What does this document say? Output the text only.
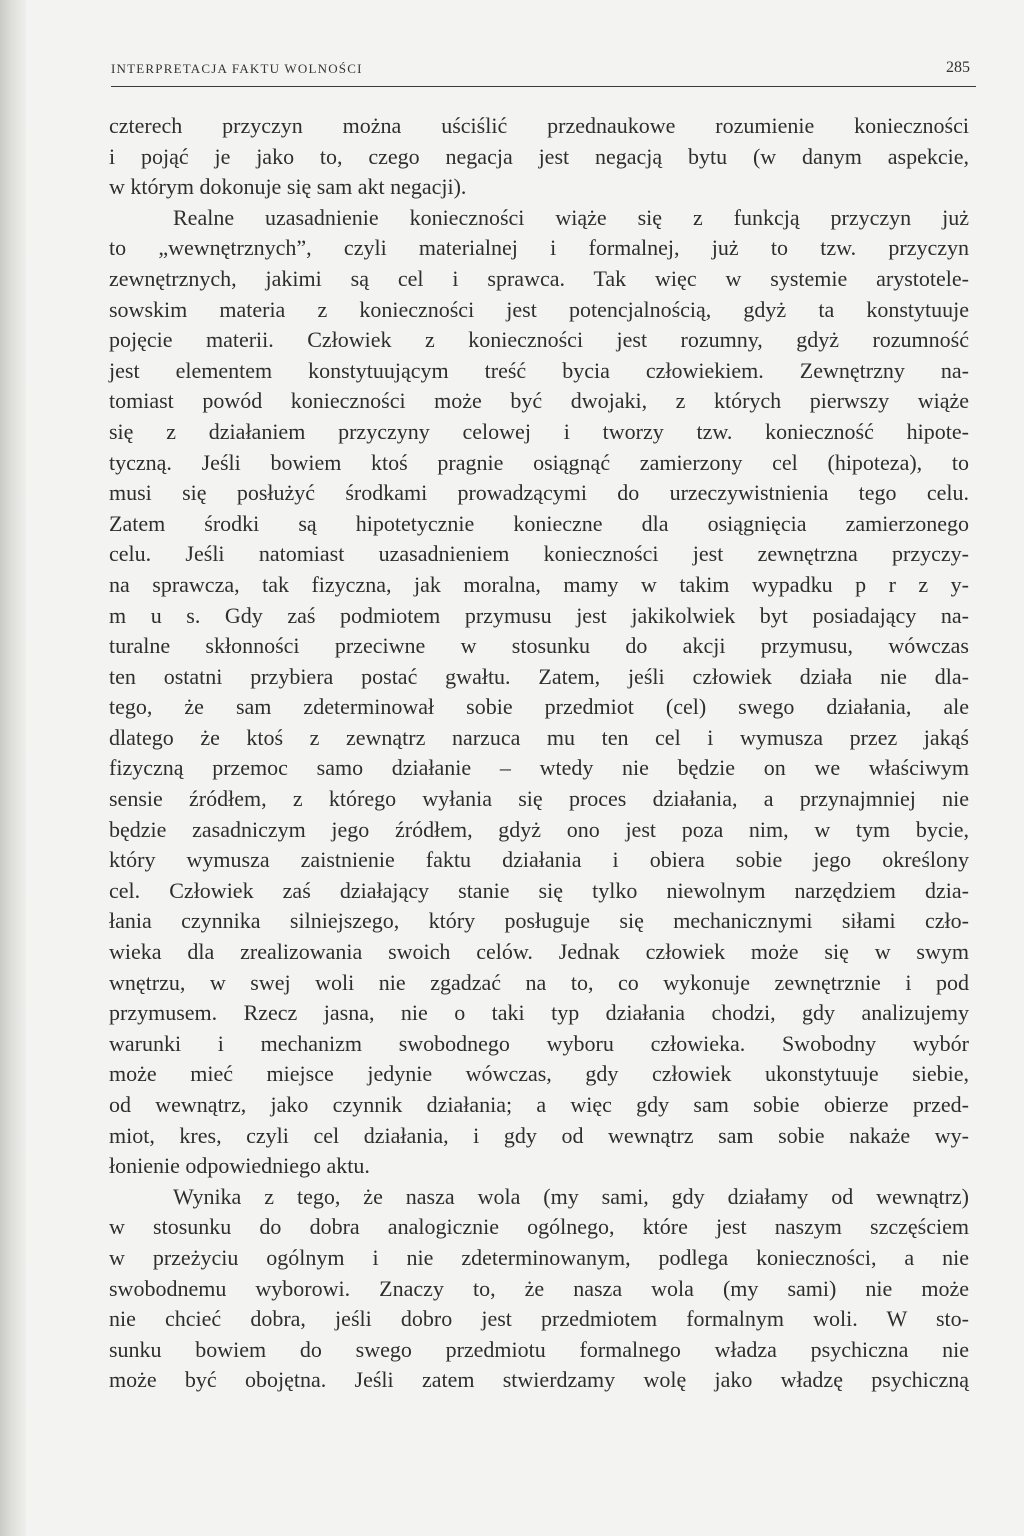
INTERPRETACJA FAKTU WOLNOŚCI	285
czterech przyczyn można uściślić przednaukowe rozumienie konieczności
i pojąć je jako to, czego negacja jest negacją bytu (w danym aspekcie,
w którym dokonuje się sam akt negacji).
Realne uzasadnienie konieczności wiąże się z funkcją przyczyn już
to „wewnętrznych”, czyli materialnej i formalnej, już to tzw. przyczyn
zewnętrznych, jakimi są cel i sprawca. Tak więc w systemie arystotele-
sowskim materia z konieczności jest potencjalnością, gdyż ta konstytuuje
pojęcie materii. Człowiek z konieczności jest rozumny, gdyż rozumność
jest elementem konstytuującym treść bycia człowiekiem. Zewnętrzny na-
tomiast powód konieczności może być dwojaki, z których pierwszy wiąże
się z działaniem przyczyny celowej i tworzy tzw. konieczność hipote-
tyczną. Jeśli bowiem ktoś pragnie osiągnąć zamierzony cel (hipoteza), to
musi się posłużyć środkami prowadzącymi do urzeczywistnienia tego celu.
Zatem środki są hipotetycznie konieczne dla osiągnięcia zamierzonego
celu. Jeśli natomiast uzasadnieniem konieczności jest zewnętrzna przyczy-
na sprawcza, tak fizyczna, jak moralna, mamy w takim wypadku p r z y-
m u s. Gdy zaś podmiotem przymusu jest jakikolwiek byt posiadający na-
turalne skłonności przeciwne w stosunku do akcji przymusu, wówczas
ten ostatni przybiera postać gwałtu. Zatem, jeśli człowiek działa nie dla-
tego, że sam zdeterminował sobie przedmiot (cel) swego działania, ale
dlatego że ktoś z zewnątrz narzuca mu ten cel i wymusza przez jakąś
fizyczną przemoc samo działanie – wtedy nie będzie on we właściwym
sensie źródłem, z którego wyłania się proces działania, a przynajmniej nie
będzie zasadniczym jego źródłem, gdyż ono jest poza nim, w tym bycie,
który wymusza zaistnienie faktu działania i obiera sobie jego określony
cel. Człowiek zaś działający stanie się tylko niewolnym narzędziem dzia-
łania czynnika silniejszego, który posługuje się mechanicznymi siłami czło-
wieka dla zrealizowania swoich celów. Jednak człowiek może się w swym
wnętrzu, w swej woli nie zgadzać na to, co wykonuje zewnętrznie i pod
przymusem. Rzecz jasna, nie o taki typ działania chodzi, gdy analizujemy
warunki i mechanizm swobodnego wyboru człowieka. Swobodny wybór
może mieć miejsce jedynie wówczas, gdy człowiek ukonstytuuje siebie,
od wewnątrz, jako czynnik działania; a więc gdy sam sobie obierze przed-
miot, kres, czyli cel działania, i gdy od wewnątrz sam sobie nakaże wy-
łonienie odpowiedniego aktu.
Wynika z tego, że nasza wola (my sami, gdy działamy od wewnątrz)
w stosunku do dobra analogicznie ogólnego, które jest naszym szczęściem
w przeżyciu ogólnym i nie zdeterminowanym, podlega konieczności, a nie
swobodnemu wyborowi. Znaczy to, że nasza wola (my sami) nie może
nie chcieć dobra, jeśli dobro jest przedmiotem formalnym woli. W sto-
sunku bowiem do swego przedmiotu formalnego władza psychiczna nie
może być obojętna. Jeśli zatem stwierdzamy wolę jako władzę psychiczną
